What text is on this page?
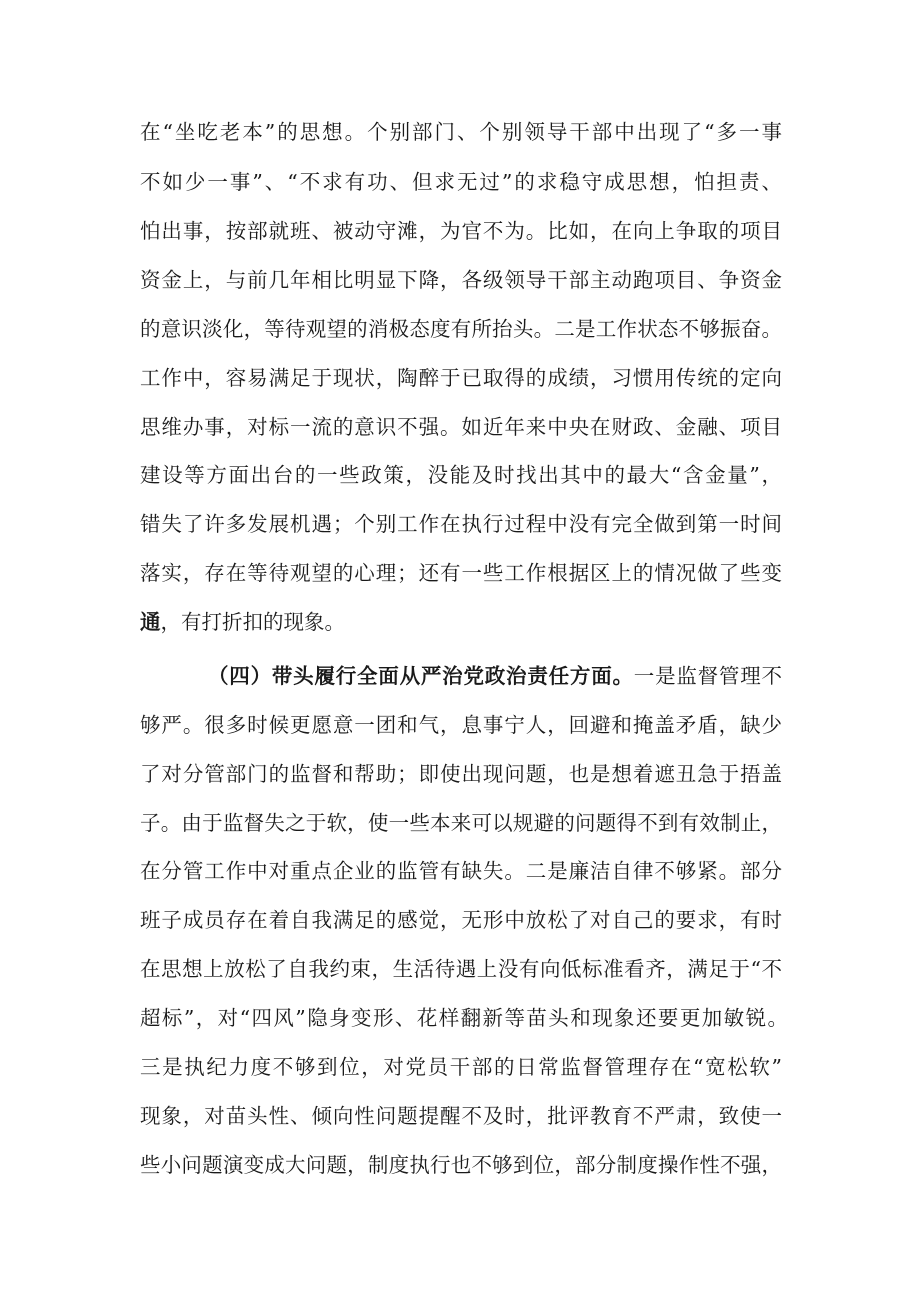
在“坐吃老本”的思想。个别部门、个别领导干部中出现了“多一事
不如少一事”、“不求有功、但求无过”的求稳守成思想，怕担责、
怕出事，按部就班、被动守滩，为官不为。比如，在向上争取的项目
资金上，与前几年相比明显下降，各级领导干部主动跑项目、争资金
的意识淡化，等待观望的消极态度有所抬头。二是工作状态不够振奋。
工作中，容易满足于现状，陶醉于已取得的成绩，习惯用传统的定向
思维办事，对标一流的意识不强。如近年来中央在财政、金融、项目
建设等方面出台的一些政策，没能及时找出其中的最大“含金量”，
错失了许多发展机遇；个别工作在执行过程中没有完全做到第一时间
落实，存在等待观望的心理；还有一些工作根据区上的情况做了些变
通，有打折扣的现象。
（四）带头履行全面从严治党政治责任方面。一是监督管理不
够严。很多时候更愿意一团和气，息事宁人，回避和掩盖矛盾，缺少
了对分管部门的监督和帮助；即使出现问题，也是想着遮丑急于捂盖
子。由于监督失之于软，使一些本来可以规避的问题得不到有效制止，
在分管工作中对重点企业的监管有缺失。二是廉洁自律不够紧。部分
班子成员存在着自我满足的感觉，无形中放松了对自己的要求，有时
在思想上放松了自我约束，生活待遇上没有向低标准看齐，满足于“不
超标”，对“四风”隐身变形、花样翻新等苗头和现象还要更加敏锐。
三是执纪力度不够到位，对党员干部的日常监督管理存在“宽松软”
现象，对苗头性、倾向性问题提醒不及时，批评教育不严肃，致使一
些小问题演变成大问题，制度执行也不够到位，部分制度操作性不强，
